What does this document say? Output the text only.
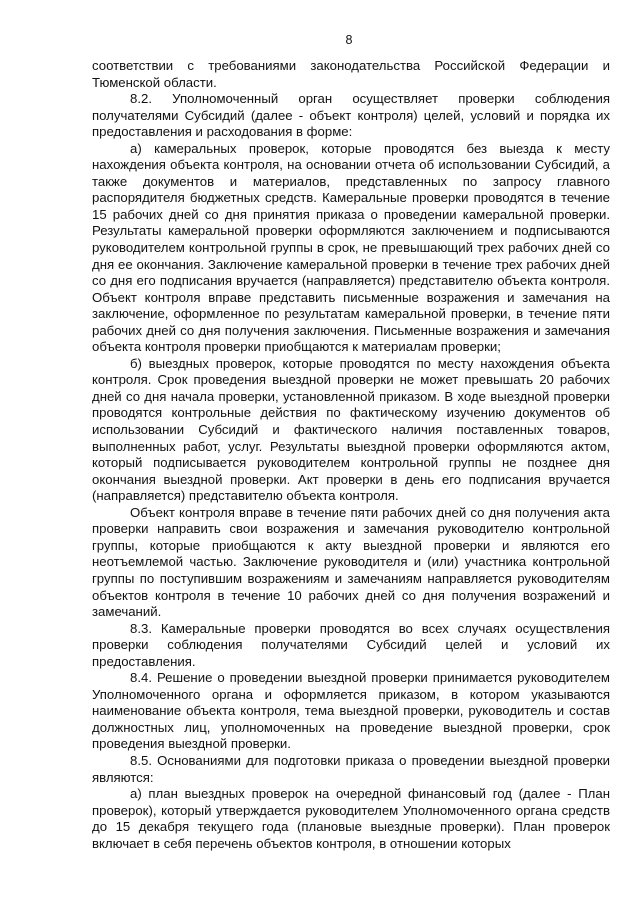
8

соответствии с требованиями законодательства Российской Федерации и Тюменской области.

8.2. Уполномоченный орган осуществляет проверки соблюдения получателями Субсидий (далее - объект контроля) целей, условий и порядка их предоставления и расходования в форме:

а) камеральных проверок, которые проводятся без выезда к месту нахождения объекта контроля, на основании отчета об использовании Субсидий, а также документов и материалов, представленных по запросу главного распорядителя бюджетных средств. Камеральные проверки проводятся в течение 15 рабочих дней со дня принятия приказа о проведении камеральной проверки. Результаты камеральной проверки оформляются заключением и подписываются руководителем контрольной группы в срок, не превышающий трех рабочих дней со дня ее окончания. Заключение камеральной проверки в течение трех рабочих дней со дня его подписания вручается (направляется) представителю объекта контроля. Объект контроля вправе представить письменные возражения и замечания на заключение, оформленное по результатам камеральной проверки, в течение пяти рабочих дней со дня получения заключения. Письменные возражения и замечания объекта контроля проверки приобщаются к материалам проверки;

б) выездных проверок, которые проводятся по месту нахождения объекта контроля. Срок проведения выездной проверки не может превышать 20 рабочих дней со дня начала проверки, установленной приказом. В ходе выездной проверки проводятся контрольные действия по фактическому изучению документов об использовании Субсидий и фактического наличия поставленных товаров, выполненных работ, услуг. Результаты выездной проверки оформляются актом, который подписывается руководителем контрольной группы не позднее дня окончания выездной проверки. Акт проверки в день его подписания вручается (направляется) представителю объекта контроля.

Объект контроля вправе в течение пяти рабочих дней со дня получения акта проверки направить свои возражения и замечания руководителю контрольной группы, которые приобщаются к акту выездной проверки и являются его неотъемлемой частью. Заключение руководителя и (или) участника контрольной группы по поступившим возражениям и замечаниям направляется руководителям объектов контроля в течение 10 рабочих дней со дня получения возражений и замечаний.

8.3. Камеральные проверки проводятся во всех случаях осуществления проверки соблюдения получателями Субсидий целей и условий их предоставления.

8.4. Решение о проведении выездной проверки принимается руководителем Уполномоченного органа и оформляется приказом, в котором указываются наименование объекта контроля, тема выездной проверки, руководитель и состав должностных лиц, уполномоченных на проведение выездной проверки, срок проведения выездной проверки.

8.5. Основаниями для подготовки приказа о проведении выездной проверки являются:

а) план выездных проверок на очередной финансовый год (далее - План проверок), который утверждается руководителем Уполномоченного органа средств до 15 декабря текущего года (плановые выездные проверки). План проверок включает в себя перечень объектов контроля, в отношении которых
